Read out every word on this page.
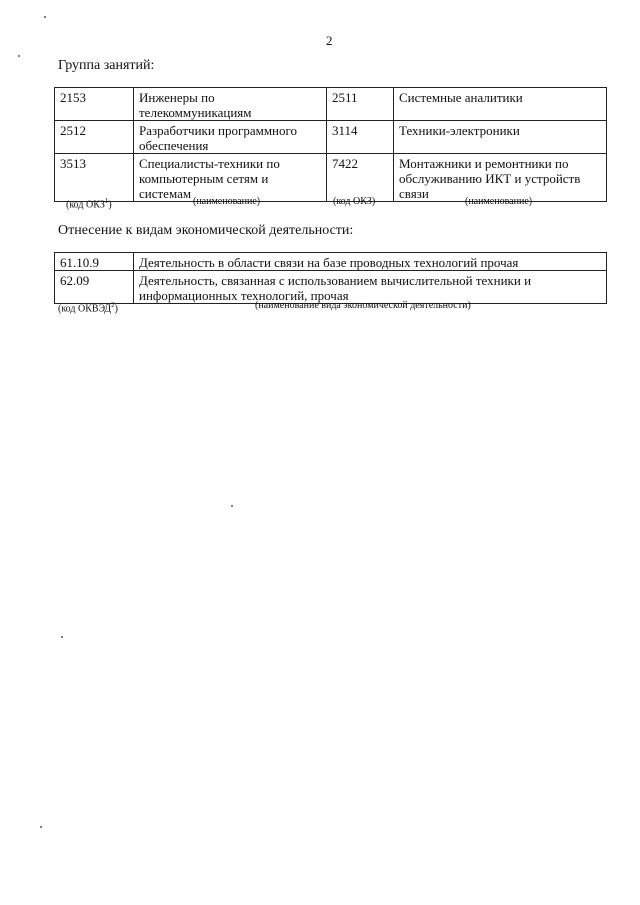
2
Группа занятий:
2153	Инженеры по телекоммуникациям	2511	Системные аналитики
2512	Разработчики программного обеспечения	3114	Техники-электроники
3513	Специалисты-техники по компьютерным сетям и системам	7422	Монтажники и ремонтники по обслуживанию ИКТ и устройств связи
(код ОКЗ$^1$)	(наименование)	(код ОКЗ)	(наименование)
Отнесение к видам экономической деятельности:
61.10.9	Деятельность в области связи на базе проводных технологий прочая
62.09	Деятельность, связанная с использованием вычислительной техники и информационных технологий, прочая
(код ОКВЭД$^2$)	(наименование вида экономической деятельности)
